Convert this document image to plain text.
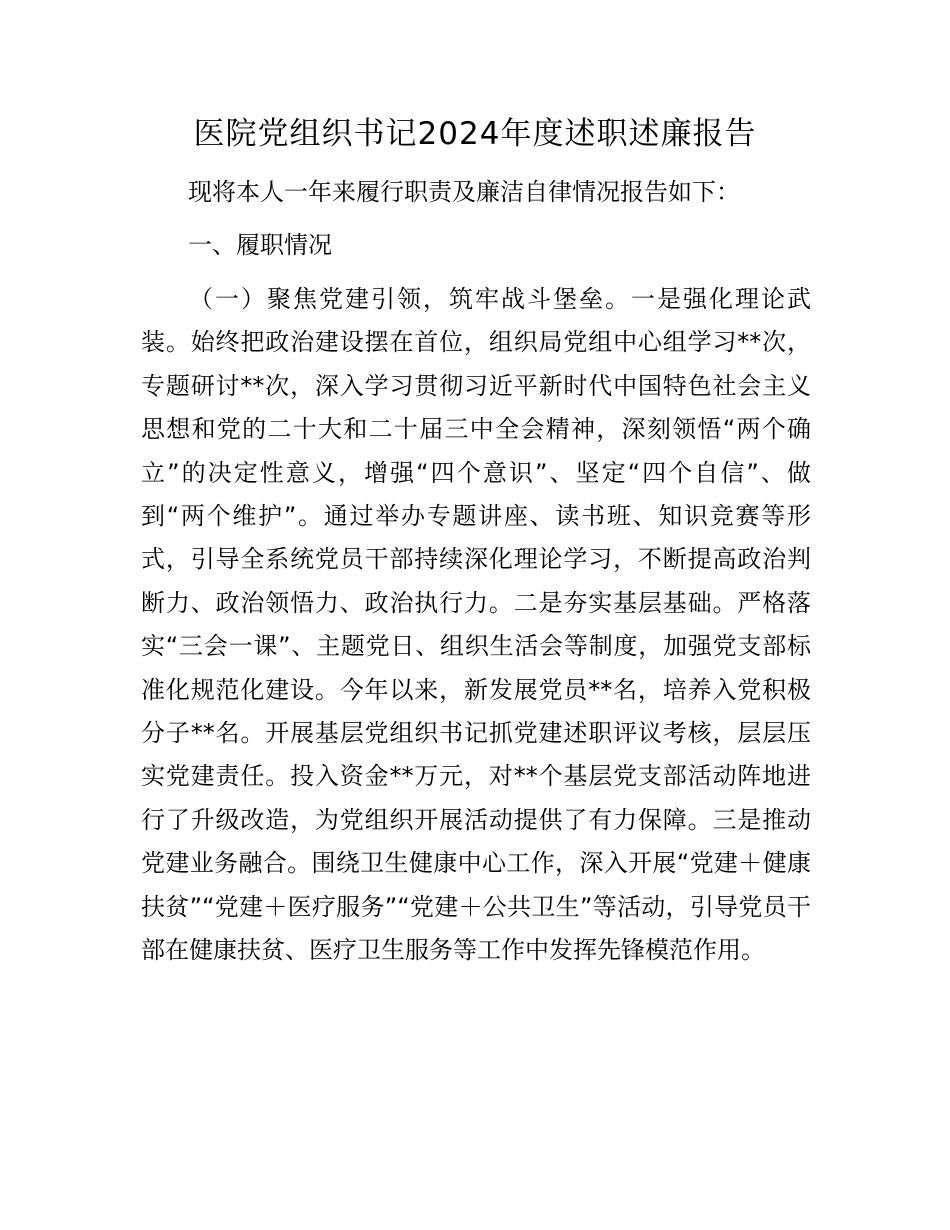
医院党组织书记2024年度述职述廉报告

现将本人一年来履行职责及廉洁自律情况报告如下：

一、履职情况

（一）聚焦党建引领，筑牢战斗堡垒。一是强化理论武装。始终把政治建设摆在首位，组织局党组中心组学习**次，专题研讨**次，深入学习贯彻习近平新时代中国特色社会主义思想和党的二十大和二十届三中全会精神，深刻领悟“两个确立”的决定性意义，增强“四个意识”、坚定“四个自信”、做到“两个维护”。通过举办专题讲座、读书班、知识竞赛等形式，引导全系统党员干部持续深化理论学习，不断提高政治判断力、政治领悟力、政治执行力。二是夯实基层基础。严格落实“三会一课”、主题党日、组织生活会等制度，加强党支部标准化规范化建设。今年以来，新发展党员**名，培养入党积极分子**名。开展基层党组织书记抓党建述职评议考核，层层压实党建责任。投入资金**万元，对**个基层党支部活动阵地进行了升级改造，为党组织开展活动提供了有力保障。三是推动党建业务融合。围绕卫生健康中心工作，深入开展“党建＋健康扶贫”“党建＋医疗服务”“党建＋公共卫生”等活动，引导党员干部在健康扶贫、医疗卫生服务等工作中发挥先锋模范作用。
